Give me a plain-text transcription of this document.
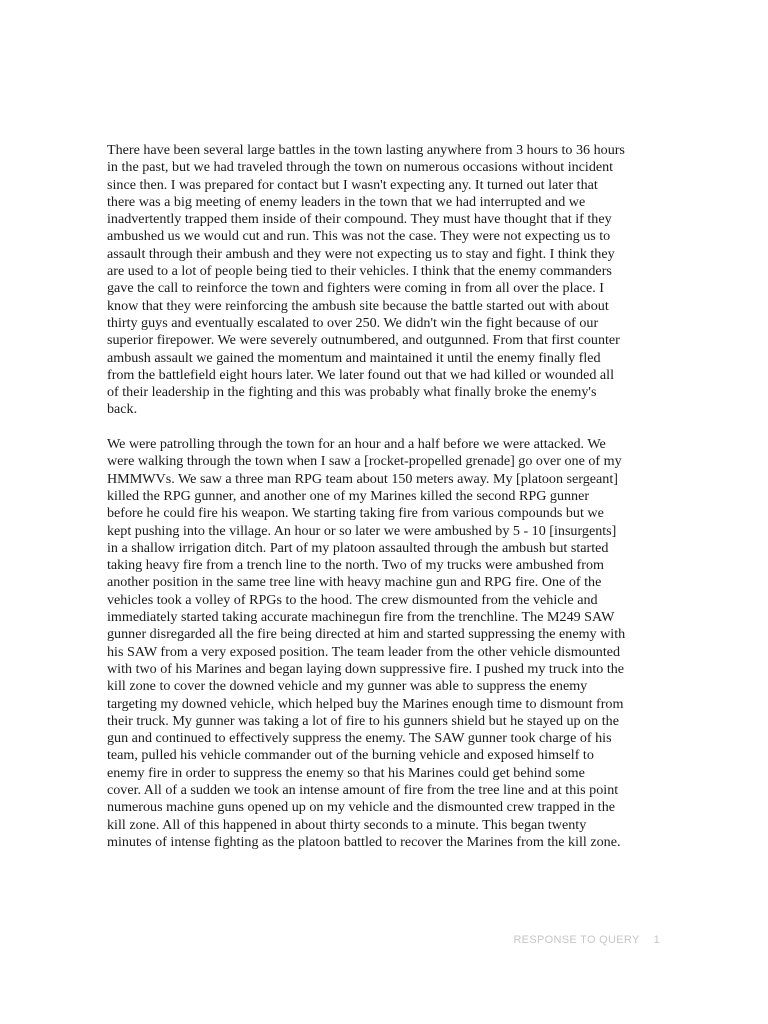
There have been several large battles in the town lasting anywhere from 3 hours to 36 hours
in the past, but we had traveled through the town on numerous occasions without incident
since then. I was prepared for contact but I wasn't expecting any. It turned out later that
there was a big meeting of enemy leaders in the town that we had interrupted and we
inadvertently trapped them inside of their compound. They must have thought that if they
ambushed us we would cut and run. This was not the case. They were not expecting us to
assault through their ambush and they were not expecting us to stay and fight. I think they
are used to a lot of people being tied to their vehicles. I think that the enemy commanders
gave the call to reinforce the town and fighters were coming in from all over the place. I
know that they were reinforcing the ambush site because the battle started out with about
thirty guys and eventually escalated to over 250. We didn't win the fight because of our
superior firepower. We were severely outnumbered, and outgunned. From that first counter
ambush assault we gained the momentum and maintained it until the enemy finally fled
from the battlefield eight hours later. We later found out that we had killed or wounded all
of their leadership in the fighting and this was probably what finally broke the enemy's
back.
We were patrolling through the town for an hour and a half before we were attacked. We
were walking through the town when I saw a [rocket-propelled grenade] go over one of my
HMMWVs. We saw a three man RPG team about 150 meters away. My [platoon sergeant]
killed the RPG gunner, and another one of my Marines killed the second RPG gunner
before he could fire his weapon. We starting taking fire from various compounds but we
kept pushing into the village. An hour or so later we were ambushed by 5 - 10 [insurgents]
in a shallow irrigation ditch. Part of my platoon assaulted through the ambush but started
taking heavy fire from a trench line to the north. Two of my trucks were ambushed from
another position in the same tree line with heavy machine gun and RPG fire. One of the
vehicles took a volley of RPGs to the hood. The crew dismounted from the vehicle and
immediately started taking accurate machinegun fire from the trenchline. The M249 SAW
gunner disregarded all the fire being directed at him and started suppressing the enemy with
his SAW from a very exposed position. The team leader from the other vehicle dismounted
with two of his Marines and began laying down suppressive fire. I pushed my truck into the
kill zone to cover the downed vehicle and my gunner was able to suppress the enemy
targeting my downed vehicle, which helped buy the Marines enough time to dismount from
their truck. My gunner was taking a lot of fire to his gunners shield but he stayed up on the
gun and continued to effectively suppress the enemy. The SAW gunner took charge of his
team, pulled his vehicle commander out of the burning vehicle and exposed himself to
enemy fire in order to suppress the enemy so that his Marines could get behind some
cover. All of a sudden we took an intense amount of fire from the tree line and at this point
numerous machine guns opened up on my vehicle and the dismounted crew trapped in the
kill zone. All of this happened in about thirty seconds to a minute. This began twenty
minutes of intense fighting as the platoon battled to recover the Marines from the kill zone.
RESPONSE TO QUERY 1
